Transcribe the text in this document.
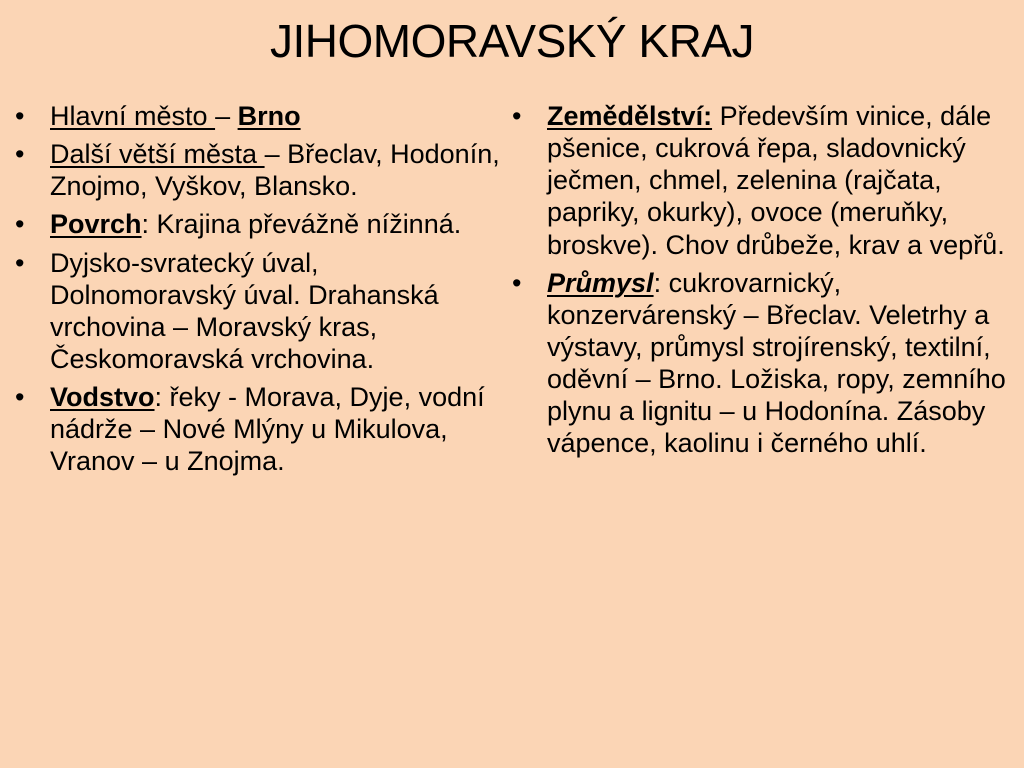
JIHOMORAVSKÝ KRAJ
• Hlavní město – Brno
• Další větší města – Břeclav, Hodonín, Znojmo, Vyškov, Blansko.
• Povrch: Krajina převážně nížinná.
• Dyjsko-svratecký úval, Dolnomoravský úval. Drahanská vrchovina – Moravský kras, Českomoravská vrchovina.
• Vodstvo: řeky - Morava, Dyje, vodní nádrže – Nové Mlýny u Mikulova, Vranov – u Znojma.
• Zemědělství: Především vinice, dále pšenice, cukrová řepa, sladovnický ječmen, chmel, zelenina (rajčata, papriky, okurky), ovoce (meruňky, broskve). Chov drůbeže, krav a vepřů.
• Průmysl: cukrovarnický, konzervárenský – Břeclav. Veletrhy a výstavy, průmysl strojírenský, textilní, oděvní – Brno. Ložiska, ropy, zemního plynu a lignitu – u Hodonína. Zásoby vápence, kaolinu i černého uhlí.
